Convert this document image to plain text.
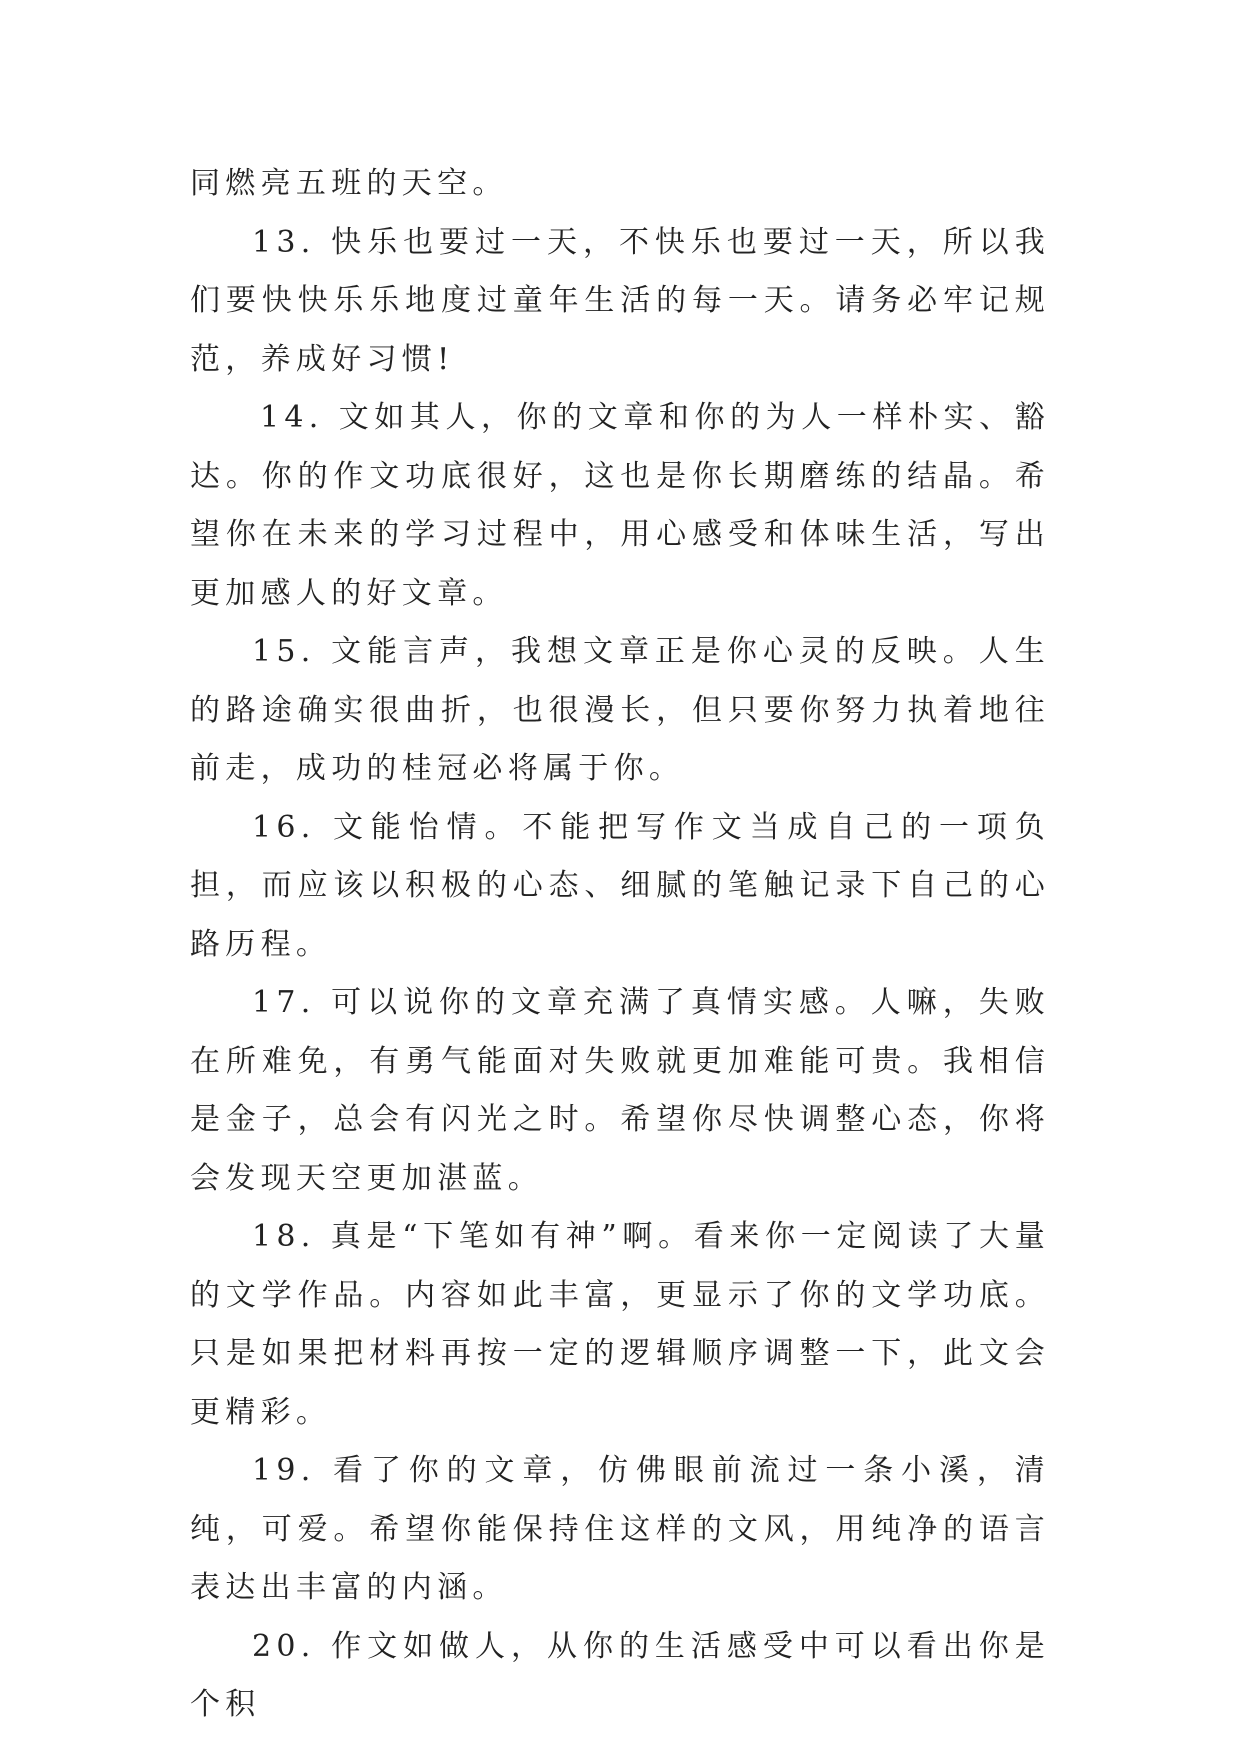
同燃亮五班的天空。

13. 快乐也要过一天，不快乐也要过一天，所以我们要快快乐乐地度过童年生活的每一天。请务必牢记规范，养成好习惯!

14. 文如其人，你的文章和你的为人一样朴实、豁达。你的作文功底很好，这也是你长期磨练的结晶。希望你在未来的学习过程中，用心感受和体味生活，写出更加感人的好文章。

15. 文能言声，我想文章正是你心灵的反映。人生的路途确实很曲折，也很漫长，但只要你努力执着地往前走，成功的桂冠必将属于你。

16. 文能怡情。不能把写作文当成自己的一项负担，而应该以积极的心态、细腻的笔触记录下自己的心路历程。

17. 可以说你的文章充满了真情实感。人嘛，失败在所难免，有勇气能面对失败就更加难能可贵。我相信是金子，总会有闪光之时。希望你尽快调整心态，你将会发现天空更加湛蓝。

18. 真是“下笔如有神”啊。看来你一定阅读了大量的文学作品。内容如此丰富，更显示了你的文学功底。只是如果把材料再按一定的逻辑顺序调整一下，此文会更精彩。

19. 看了你的文章，仿佛眼前流过一条小溪，清纯，可爱。希望你能保持住这样的文风，用纯净的语言表达出丰富的内涵。

20. 作文如做人，从你的生活感受中可以看出你是个积
